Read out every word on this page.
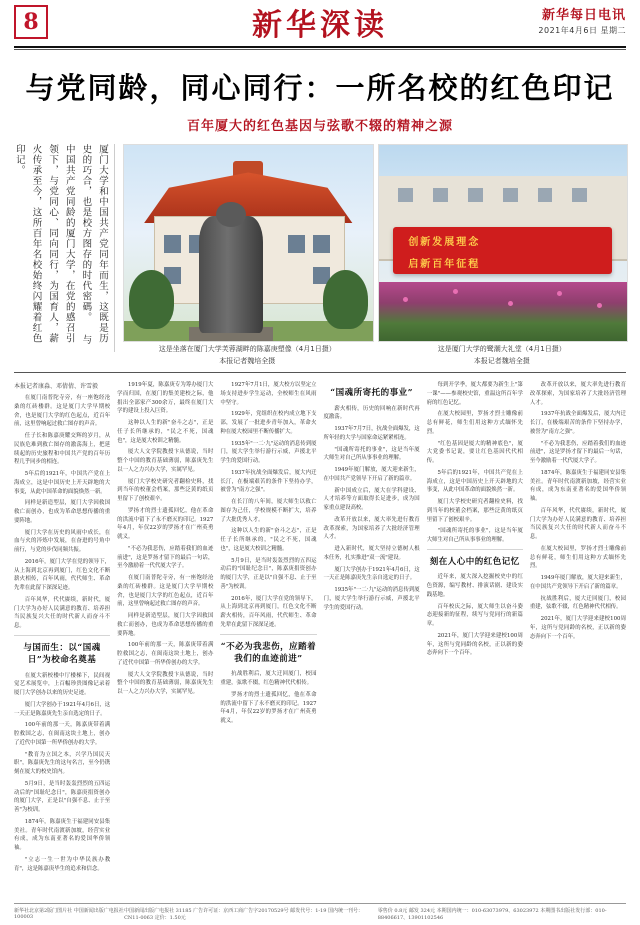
8	新华深读	新华每日电讯
2021年4月6日 星期二
与党同龄，同心同行：一所名校的红色印记
百年厦大的红色基因与弦歌不辍的精神之源
厦门大学和中国共产党同年而生，这既是历史的巧合，也是校方图存的时代密碼。 与中国共产党同龄的厦门大学，在党的感召引领下，与党同心、同向同行，为国育人，薪火传承至今，这所百年名校始终闪耀着红色印记。
这是坐落在厦门大学芙蓉湖畔的陈嘉庚塑像（4月1日摄）
本报记者魏培全摄
创新发展理念
启新百年征程
这是厦门大学的鹭潮大礼堂（4月1日摄）
本报记者魏培全摄
本报记者康淼、邓倩倩、许雪毅

在厦门南普陀寺旁，有一座饱经沧桑的红砖楼群。这是厦门大学早期校舍，也是厦门大学的红色起点，近百年前，这里曾响起过救亡图存的声音。

任子长和陈嘉庚耀交辉的岁月，从民族危难到救亡图存的激荡海上，把延续起的历史旅程和中国共产党的百年历程几乎同步的相连。

5年后的1921年，中国共产党在上海成立，这是中国历史上开天辟地的大事变，从此中国革命的面貌焕然一新。

同样是新造型层，厦门大学因救国救亡而创办，也成为革命思想传播的重要阵地。

厦门大学在历史的风雨中成长，在血与火的淬炼中发展，在奋进的号角中前行，与党的步伐同频共振。

2016年，厦门大学在党的领导下，从上海到北京再到厦门，红色文化不断薪火相传，百年风雨，代代师生、革命先辈在此留下深深足迹。

百年风华，代代赓续，新时代，厦门大学为办好人民满意的教育、培养担当民族复兴大任的时代新人而奋斗不息。

与国而生：以“国魂日”为校命名奠基

在厦大新校楼中厅楼梯下，民间视觉艺术展览中，上百幅珍贵图像记录着厦门大学创办以来的历史足迹。

厦门大学创办于1921年4月6日，这一天正是陈嘉庚先生亲自选定的日子。

100年前的那一天，陈嘉庚带着满腔救国之志，在闽南这块土地上，创办了近代中国第一所华侨创办的大学。

"教育为立国之本，兴学乃国民天职"，陈嘉庚先生的这句名言，至今仍镌刻在厦大的校史馆内。

5月9日，是当时轰轰烈烈的五四运动后的"国耻纪念日"，陈嘉庚捐资创办的厦门大学，正是以"自强不息、止于至善"为校训。

1874年，陈嘉庚生于福建同安县集美社。青年时代南渡新加坡，经营实业有成，成为东南亚著名的爱国华侨领袖。

"立志一生一世为中华民族办教育"，这是陈嘉庚毕生的追求和信念。

1919年夏，陈嘉庚专为筹办厦门大学而归国，在厦门的集美建校之际，他捐出全部家产300余万，最终在厦门大学的建设上投入巨资。

这种以人生的新"奋斗之志"，正是任子长所继承的，"民之不死，国魂也"，这是厦大校训之精髓。

厦大人文学院教授卞从德说，当时整个中国的教育基础薄弱，陈嘉庚先生以一人之力兴办大学，实属罕见。

厦门大学校史研究者翻检史料，找到当年的校董会档案，那些泛黄的纸页里留下了创校艰辛。

罗扬才的烈士遗孤回忆，他在革命的洪流中留下了永不磨灭的印记。1927年4月，年仅22岁的罗扬才在广州英勇就义。

"不必为我悲伤，应踏着我们的血迹前进"，这是罗扬才留下的最后一句话，至今激励着一代代厦大学子。

在厦门南普陀寺旁，有一座饱经沧桑的红砖楼群。这是厦门大学早期校舍，也是厦门大学的红色起点，近百年前，这里曾响起过救亡图存的声音。

同样是新造型层，厦门大学因救国救亡而创办，也成为革命思想传播的重要阵地。

100年前的那一天，陈嘉庚带着满腔救国之志，在闽南这块土地上，创办了近代中国第一所华侨创办的大学。

厦大人文学院教授卞从德说，当时整个中国的教育基础薄弱，陈嘉庚先生以一人之力兴办大学，实属罕见。

1927年7月1日，厦大校方以坚定立场支持进步学生运动，全校师生在风雨中坚守。

1929年，党组织在校内成立地下支部，发展了一批进步青年加入，革命火种在厦大校园里不断传播扩大。

1935年"一二·九"运动的消息传到厦门，厦大学生举行游行示威，声援北平学生的爱国行动。

1937年抗战全面爆发后，厦大内迁长汀，在极端艰苦的条件下坚持办学，被誉为"南方之强"。

在长汀的八年间，厦大师生以救亡图存为己任，学校规模不断扩大，培养了大批优秀人才。

这种以人生的新"奋斗之志"，正是任子长所继承的，"民之不死，国魂也"，这是厦大校训之精髓。

5月9日，是当时轰轰烈烈的五四运动后的"国耻纪念日"，陈嘉庚捐资创办的厦门大学，正是以"自强不息、止于至善"为校训。

2016年，厦门大学在党的领导下，从上海到北京再到厦门，红色文化不断薪火相传，百年风雨，代代师生、革命先辈在此留下深深足迹。

“不必为我悲伤，应踏着我们的血迹前进”

抗战胜利后，厦大迁回厦门，校园重建，弦歌不辍，红色精神代代相传。

罗扬才的烈士遗孤回忆，他在革命的洪流中留下了永不磨灭的印记。1927年4月，年仅22岁的罗扬才在广州英勇就义。

“国魂所寄托的事业”

薪火相传，历史的回响在新时代再度激荡。

1937年7月7日，抗战全面爆发，这所年轻的大学与国家命运紧紧相连。

"国魂所寄托的事业"，这是当年厦大师生对自己所从事事业的理解。

1949年厦门解放，厦大迎来新生，在中国共产党领导下开启了新的篇章。

新中国成立后，厦大在学科建设、人才培养等方面取得长足进步，成为国家重点建设高校。

改革开放以来，厦大率先进行教育改革探索，为国家培养了大批经济管理人才。

进入新时代，厦大坚持立德树人根本任务，扎实推进"双一流"建设。

厦门大学创办于1921年4月6日，这一天正是陈嘉庚先生亲自选定的日子。

1935年"一二·九"运动的消息传到厦门，厦大学生举行游行示威，声援北平学生的爱国行动。

每到开学季，厦大都要为新生上"第一课"——参观校史馆，重温这所百年学府的红色记忆。

在厦大校园里，罗扬才烈士雕像前总有鲜花，师生们用这种方式缅怀先烈。

"红色基因是厦大的精神底色"，厦大党委书记说，要让红色基因代代相传。

5年后的1921年，中国共产党在上海成立，这是中国历史上开天辟地的大事变，从此中国革命的面貌焕然一新。

厦门大学校史研究者翻检史料，找到当年的校董会档案，那些泛黄的纸页里留下了创校艰辛。

"国魂所寄托的事业"，这是当年厦大师生对自己所从事事业的理解。

刻在人心中的红色记忆

近年来，厦大深入挖掘校史中的红色资源，编写教材、排演话剧、建设实践基地。

百年校庆之际，厦大师生以奋斗姿态迎接新的征程，续写与党同行的新篇章。

2021年，厦门大学迎来建校100周年，这所与党同龄的名校，正以新的姿态奔向下一个百年。

改革开放以来，厦大率先进行教育改革探索，为国家培养了大批经济管理人才。

1937年抗战全面爆发后，厦大内迁长汀，在极端艰苦的条件下坚持办学，被誉为"南方之强"。

"不必为我悲伤，应踏着我们的血迹前进"，这是罗扬才留下的最后一句话，至今激励着一代代厦大学子。

1874年，陈嘉庚生于福建同安县集美社。青年时代南渡新加坡，经营实业有成，成为东南亚著名的爱国华侨领袖。

百年风华，代代赓续，新时代，厦门大学为办好人民满意的教育、培养担当民族复兴大任的时代新人而奋斗不息。

在厦大校园里，罗扬才烈士雕像前总有鲜花，师生们用这种方式缅怀先烈。

1949年厦门解放，厦大迎来新生，在中国共产党领导下开启了新的篇章。

抗战胜利后，厦大迁回厦门，校园重建，弦歌不辍，红色精神代代相传。

2021年，厦门大学迎来建校100周年，这所与党同龄的名校，正以新的姿态奔向下一个百年。

新华社北京第2版门图片社 中国新闻出版广电报社 100003
中国新闻出版广电报社 31185 广告许可证：京西工商广告字20170529号 邮发代号：1-19 国内统一刊号：CN11-0063 定价：1.50元
零售价 0.8元 邮发 324元 本期国内统一：010-63073979、63023972 本期图书出版社发行部：010-88406617、13901102546
